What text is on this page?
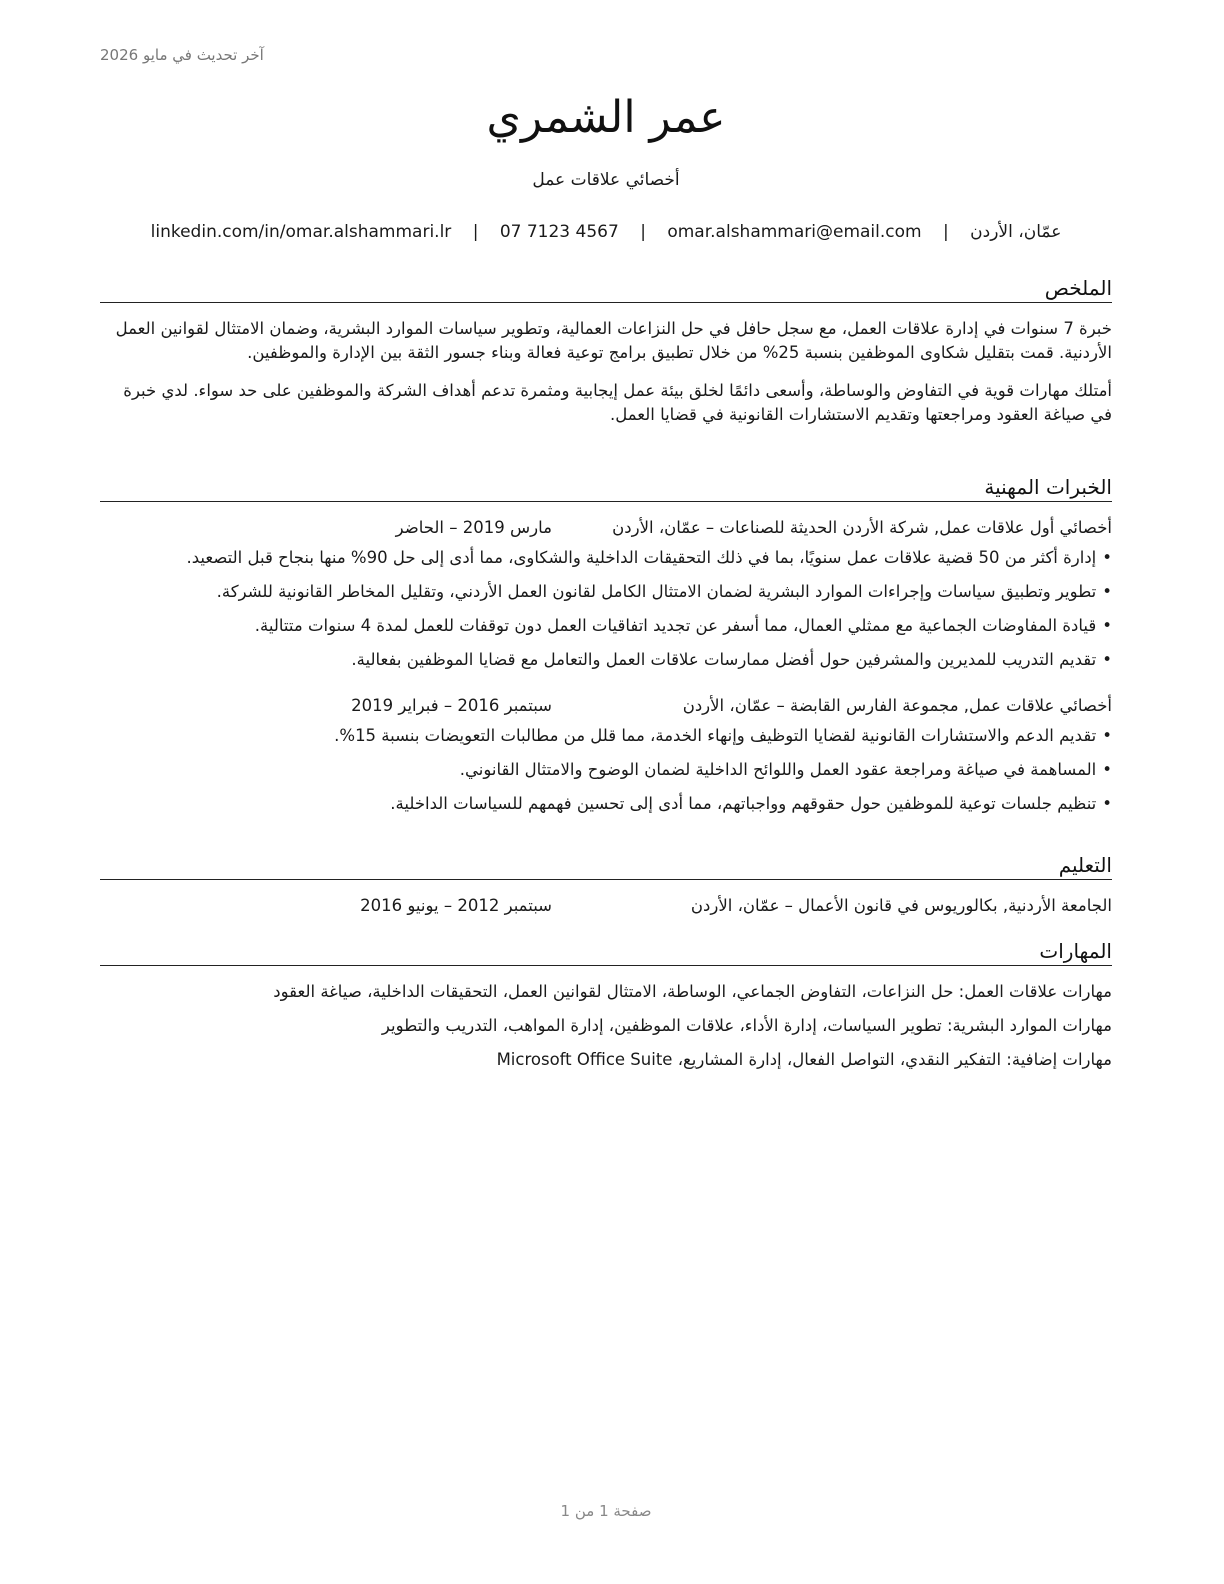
آخر تحديث في مايو 2026
عمر الشمري
أخصائي علاقات عمل
عمّان، الأردن | omar.alshammari@email.com | 07 7123 4567 | linkedin.com/in/omar.alshammari.lr
الملخص

خبرة 7 سنوات في إدارة علاقات العمل، مع سجل حافل في حل النزاعات العمالية، وتطوير سياسات الموارد البشرية، وضمان الامتثال لقوانين العمل الأردنية. قمت بتقليل شكاوى الموظفين بنسبة 25% من خلال تطبيق برامج توعية فعالة وبناء جسور الثقة بين الإدارة والموظفين.

أمتلك مهارات قوية في التفاوض والوساطة، وأسعى دائمًا لخلق بيئة عمل إيجابية ومثمرة تدعم أهداف الشركة والموظفين على حد سواء. لدي خبرة في صياغة العقود ومراجعتها وتقديم الاستشارات القانونية في قضايا العمل.

الخبرات المهنية
أخصائي أول علاقات عمل, شركة الأردن الحديثة للصناعات – عمّان، الأردن
مارس 2019 – الحاضر
•إدارة أكثر من 50 قضية علاقات عمل سنويًا، بما في ذلك التحقيقات الداخلية والشكاوى، مما أدى إلى حل 90% منها بنجاح قبل التصعيد.
•تطوير وتطبيق سياسات وإجراءات الموارد البشرية لضمان الامتثال الكامل لقانون العمل الأردني، وتقليل المخاطر القانونية للشركة.
•قيادة المفاوضات الجماعية مع ممثلي العمال، مما أسفر عن تجديد اتفاقيات العمل دون توقفات للعمل لمدة 4 سنوات متتالية.
•تقديم التدريب للمديرين والمشرفين حول أفضل ممارسات علاقات العمل والتعامل مع قضايا الموظفين بفعالية.
أخصائي علاقات عمل, مجموعة الفارس القابضة – عمّان، الأردن
سبتمبر 2016 – فبراير 2019
•تقديم الدعم والاستشارات القانونية لقضايا التوظيف وإنهاء الخدمة، مما قلل من مطالبات التعويضات بنسبة 15%.
•المساهمة في صياغة ومراجعة عقود العمل واللوائح الداخلية لضمان الوضوح والامتثال القانوني.
•تنظيم جلسات توعية للموظفين حول حقوقهم وواجباتهم، مما أدى إلى تحسين فهمهم للسياسات الداخلية.
التعليم
الجامعة الأردنية, بكالوريوس في قانون الأعمال – عمّان، الأردن
سبتمبر 2012 – يونيو 2016
المهارات
مهارات علاقات العمل: حل النزاعات، التفاوض الجماعي، الوساطة، الامتثال لقوانين العمل، التحقيقات الداخلية، صياغة العقود
مهارات الموارد البشرية: تطوير السياسات، إدارة الأداء، علاقات الموظفين، إدارة المواهب، التدريب والتطوير
مهارات إضافية: التفكير النقدي، التواصل الفعال، إدارة المشاريع، Microsoft Office Suite
صفحة 1 من 1
